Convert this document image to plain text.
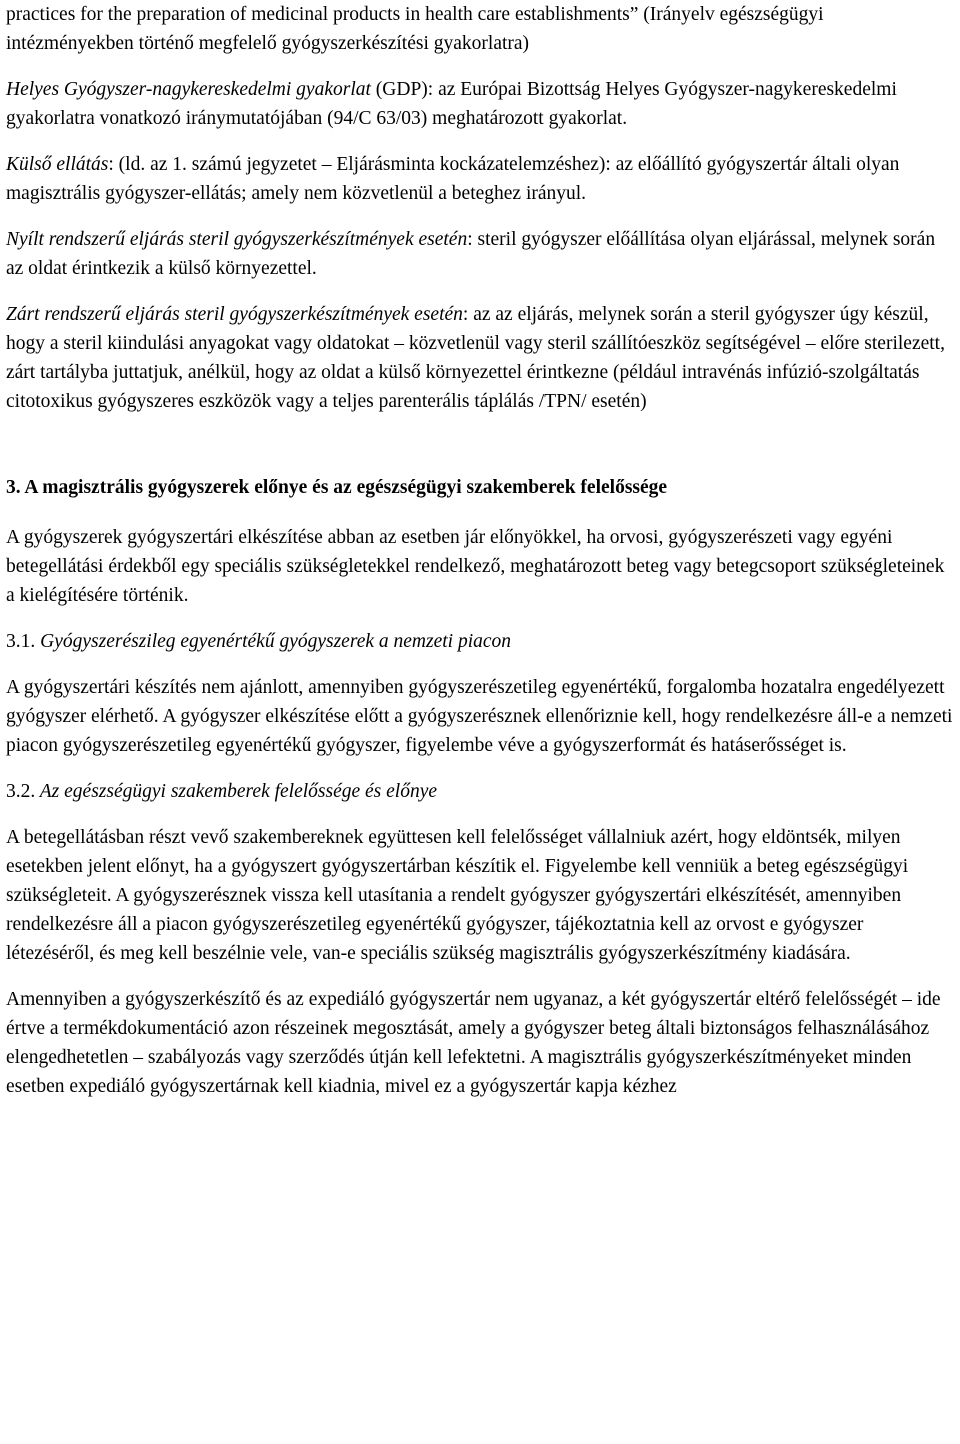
practices for the preparation of medicinal products in health care establishments” (Irányelv egészségügyi intézményekben történő megfelelő gyógyszerkészítési gyakorlatra)

Helyes Gyógyszer-nagykereskedelmi gyakorlat (GDP): az Európai Bizottság Helyes Gyógyszer-nagykereskedelmi gyakorlatra vonatkozó iránymutatójában (94/C 63/03) meghatározott gyakorlat.

Külső ellátás: (ld. az 1. számú jegyzetet – Eljárásminta kockázatelemzéshez): az előállító gyógyszertár általi olyan magisztrális gyógyszer-ellátás; amely nem közvetlenül a beteghez irányul.

Nyílt rendszerű eljárás steril gyógyszerkészítmények esetén: steril gyógyszer előállítása olyan eljárással, melynek során az oldat érintkezik a külső környezettel.

Zárt rendszerű eljárás steril gyógyszerkészítmények esetén: az az eljárás, melynek során a steril gyógyszer úgy készül, hogy a steril kiindulási anyagokat vagy oldatokat – közvetlenül vagy steril szállítóeszköz segítségével – előre sterilezett, zárt tartályba juttatjuk, anélkül, hogy az oldat a külső környezettel érintkezne (például intravénás infúzió-szolgáltatás citotoxikus gyógyszeres eszközök vagy a teljes parenterális táplálás /TPN/ esetén)

3. A magisztrális gyógyszerek előnye és az egészségügyi szakemberek felelőssége

A gyógyszerek gyógyszertári elkészítése abban az esetben jár előnyökkel, ha orvosi, gyógyszerészeti vagy egyéni betegellátási érdekből egy speciális szükségletekkel rendelkező, meghatározott beteg vagy betegcsoport szükségleteinek a kielégítésére történik.

3.1. Gyógyszerészileg egyenértékű gyógyszerek a nemzeti piacon

A gyógyszertári készítés nem ajánlott, amennyiben gyógyszerészetileg egyenértékű, forgalomba hozatalra engedélyezett gyógyszer elérhető. A gyógyszer elkészítése előtt a gyógyszerésznek ellenőriznie kell, hogy rendelkezésre áll-e a nemzeti piacon gyógyszerészetileg egyenértékű gyógyszer, figyelembe véve a gyógyszerformát és hatáserősséget is.

3.2. Az egészségügyi szakemberek felelőssége és előnye

A betegellátásban részt vevő szakembereknek együttesen kell felelősséget vállalniuk azért, hogy eldöntsék, milyen esetekben jelent előnyt, ha a gyógyszert gyógyszertárban készítik el. Figyelembe kell venniük a beteg egészségügyi szükségleteit. A gyógyszerésznek vissza kell utasítania a rendelt gyógyszer gyógyszertári elkészítését, amennyiben rendelkezésre áll a piacon gyógyszerészetileg egyenértékű gyógyszer, tájékoztatnia kell az orvost e gyógyszer létezéséről, és meg kell beszélnie vele, van-e speciális szükség magisztrális gyógyszerkészítmény kiadására.

Amennyiben a gyógyszerkészítő és az expediáló gyógyszertár nem ugyanaz, a két gyógyszertár eltérő felelősségét – ide értve a termékdokumentáció azon részeinek megosztását, amely a gyógyszer beteg általi biztonságos felhasználásához elengedhetetlen – szabályozás vagy szerződés útján kell lefektetni. A magisztrális gyógyszerkészítményeket minden esetben expediáló gyógyszertárnak kell kiadnia, mivel ez a gyógyszertár kapja kézhez
